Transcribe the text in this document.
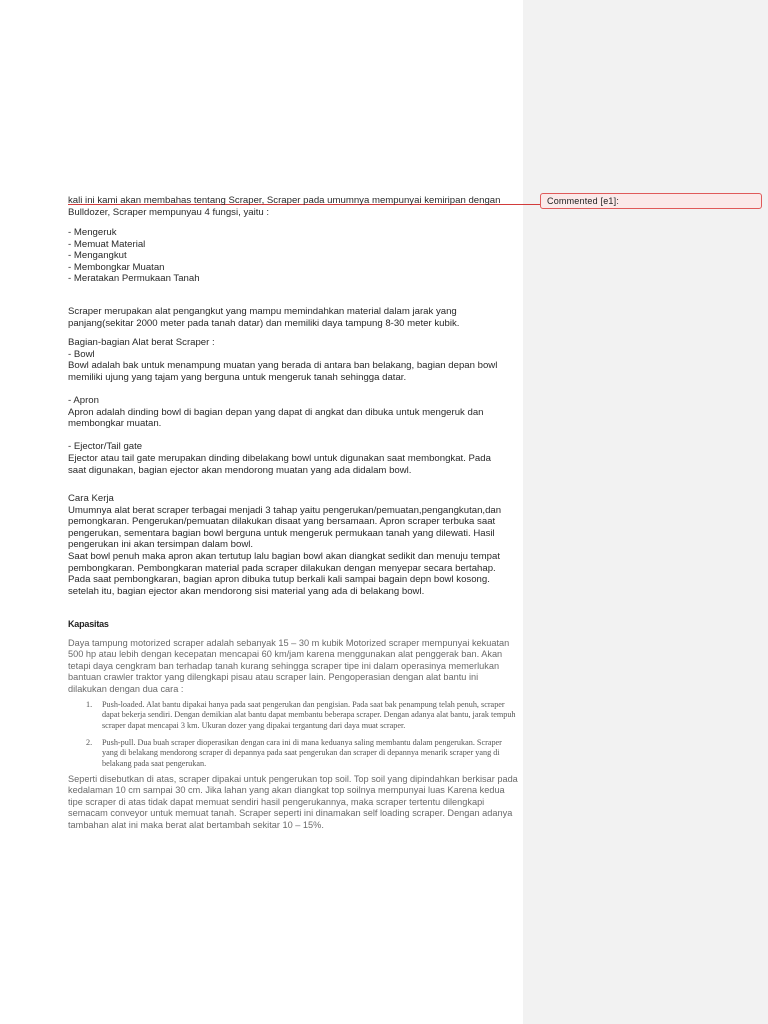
Commented [e1]:

kali ini kami akan membahas tentang Scraper, Scraper pada umumnya mempunyai kemiripan dengan Bulldozer, Scraper mempunyau 4 fungsi, yaitu :

- Mengeruk

- Memuat Material

- Mengangkut

- Membongkar Muatan

- Meratakan Permukaan Tanah

Scraper merupakan alat pengangkut yang mampu memindahkan material dalam jarak yang panjang(sekitar 2000 meter pada tanah datar) dan memiliki daya tampung 8-30 meter kubik.

Bagian-bagian Alat berat Scraper :

- Bowl

Bowl adalah bak untuk menampung muatan yang berada di antara ban belakang, bagian depan bowl memiliki ujung yang tajam yang berguna untuk mengeruk tanah sehingga datar.

- Apron

Apron adalah dinding bowl di bagian depan yang dapat di angkat dan dibuka untuk mengeruk dan membongkar muatan.

- Ejector/Tail gate

Ejector atau tail gate merupakan dinding dibelakang bowl untuk digunakan saat membongkat. Pada saat digunakan, bagian ejector akan mendorong muatan yang ada didalam bowl.

Cara Kerja

Umumnya alat berat scraper terbagai menjadi 3 tahap yaitu pengerukan/pemuatan,pengangkutan,dan pemongkaran. Pengerukan/pemuatan dilakukan disaat yang bersamaan. Apron scraper terbuka saat pengerukan, sementara bagian bowl berguna untuk mengeruk permukaan tanah yang dilewati. Hasil pengerukan ini akan tersimpan dalam bowl.

Saat bowl penuh maka apron akan tertutup lalu bagian bowl akan diangkat sedikit dan menuju tempat pembongkaran. Pembongkaran material pada scraper dilakukan dengan menyepar secara bertahap. Pada saat pembongkaran, bagian apron dibuka tutup berkali kali sampai bagain depn bowl kosong. setelah itu, bagian ejector akan mendorong sisi material yang ada di belakang bowl.

Kapasitas

Daya tampung motorized scraper adalah sebanyak 15 – 30 m kubik Motorized scraper mempunyai kekuatan 500 hp atau lebih dengan kecepatan mencapai 60 km/jam karena menggunakan alat penggerak ban. Akan tetapi daya cengkram ban terhadap tanah kurang sehingga scraper tipe ini dalam operasinya memerlukan bantuan crawler traktor yang dilengkapi pisau atau scraper lain. Pengoperasian dengan alat bantu ini dilakukan dengan dua cara :

1. Push-loaded. Alat bantu dipakai hanya pada saat pengerukan dan pengisian. Pada saat bak penampung telah penuh, scraper dapat bekerja sendiri. Dengan demikian alat bantu dapat membantu beberapa scraper. Dengan adanya alat bantu, jarak tempuh scraper dapat mencapai 3 km. Ukuran dozer yang dipakai tergantung dari daya muat scraper.

2. Push-pull. Dua buah scraper dioperasikan dengan cara ini di mana keduanya saling membantu dalam pengerukan. Scraper yang di belakang mendorong scraper di depannya pada saat pengerukan dan scraper di depannya menarik scraper yang di belakang pada saat pengerukan.

Seperti disebutkan di atas, scraper dipakai untuk pengerukan top soil. Top soil yang dipindahkan berkisar pada kedalaman 10 cm sampai 30 cm. Jika lahan yang akan diangkat top soilnya mempunyai luas Karena kedua tipe scraper di atas tidak dapat memuat sendiri hasil pengerukannya, maka scraper tertentu dilengkapi semacam conveyor untuk memuat tanah. Scraper seperti ini dinamakan self loading scraper. Dengan adanya tambahan alat ini maka berat alat bertambah sekitar 10 – 15%.
